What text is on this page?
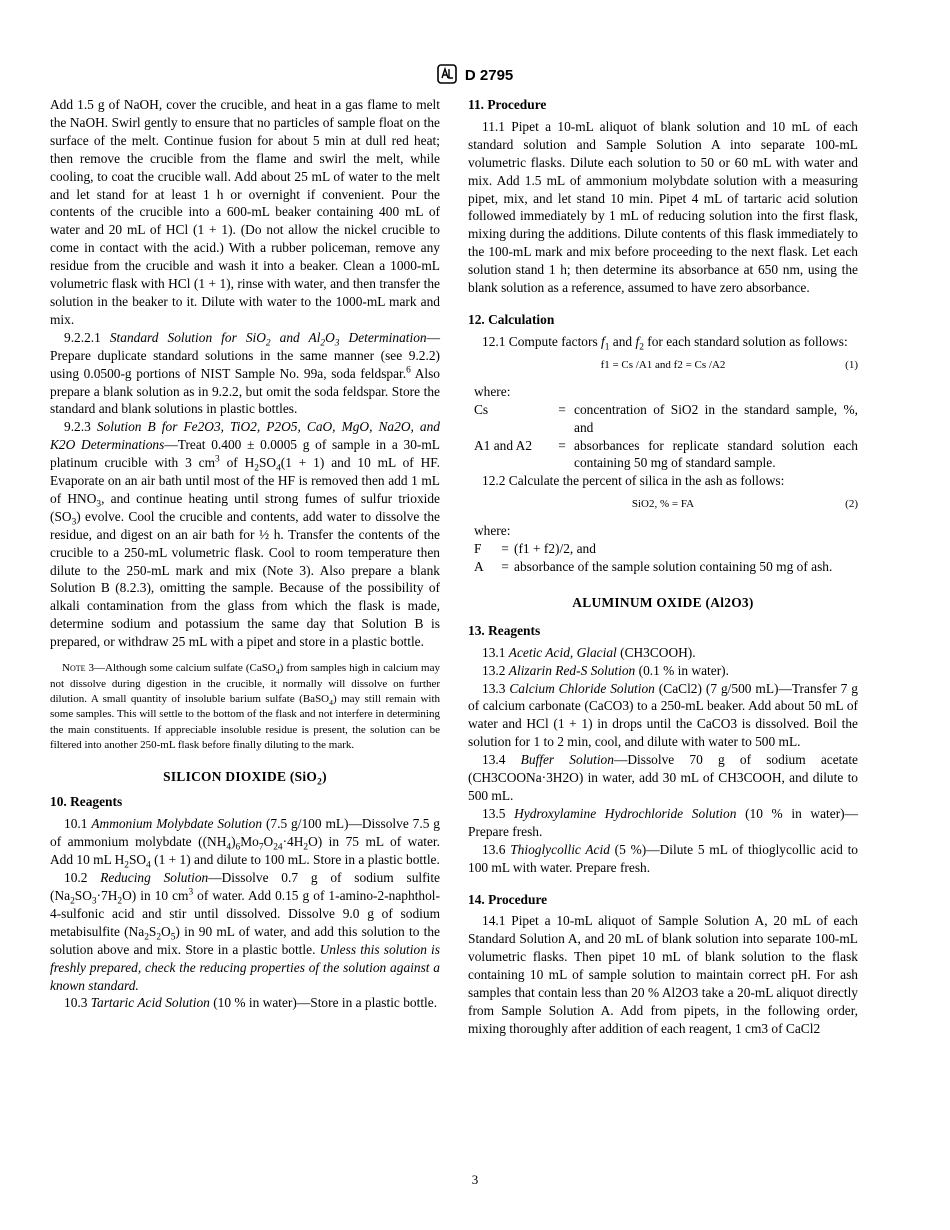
D 2795

Add 1.5 g of NaOH, cover the crucible, and heat in a gas flame to melt the NaOH. Swirl gently to ensure that no particles of sample float on the surface of the melt. Continue fusion for about 5 min at dull red heat; then remove the crucible from the flame and swirl the melt, while cooling, to coat the crucible wall. Add about 25 mL of water to the melt and let stand for at least 1 h or overnight if convenient. Pour the contents of the crucible into a 600-mL beaker containing 400 mL of water and 20 mL of HCl (1 + 1). (Do not allow the nickel crucible to come in contact with the acid.) With a rubber policeman, remove any residue from the crucible and wash it into a beaker. Clean a 1000-mL volumetric flask with HCl (1 + 1), rinse with water, and then transfer the solution in the beaker to it. Dilute with water to the 1000-mL mark and mix.

9.2.2.1 Standard Solution for SiO$_2$ and $Al_2O_3$ Determination—Prepare duplicate standard solutions in the same manner (see 9.2.2) using 0.0500-g portions of NIST Sample No. 99a, soda feldspar.$^6$ Also prepare a blank solution as in 9.2.2, but omit the soda feldspar. Store the standard and blank solutions in plastic bottles.

9.2.3 Solution B for Fe2O3, TiO2, P2O5, CaO, MgO, Na2O, and K2O Determinations—Treat 0.400 ± 0.0005 g of sample in a 30-mL platinum crucible with 3 $cm^3$ of $H_2SO_4(1 + 1)$ and 10 mL of HF. Evaporate on an air bath until most of the HF is removed then add 1 mL of $HNO_3$, and continue heating until strong fumes of sulfur trioxide $(SO_3)$ evolve. Cool the crucible and contents, add water to dissolve the residue, and digest on an air bath for ½ h. Transfer the contents of the crucible to a 250-mL volumetric flask. Cool to room temperature then dilute to the 250-mL mark and mix (Note 3). Also prepare a blank Solution B (8.2.3), omitting the sample. Because of the possibility of alkali contamination from the glass from which the flask is made, determine sodium and potassium the same day that Solution B is prepared, or withdraw 25 mL with a pipet and store in a plastic bottle.

Note 3—Although some calcium sulfate (CaSO$_4$) from samples high in calcium may not dissolve during digestion in the crucible, it normally will dissolve on further dilution. A small quantity of insoluble barium sulfate (BaSO$_4$) may still remain with some samples. This will settle to the bottom of the flask and not interfere in determining the main constituents. If appreciable insoluble residue is present, the solution can be filtered into another 250-mL flask before finally diluting to the mark.

SILICON DIOXIDE (SiO$_2$)
10. Reagents

10.1 Ammonium Molybdate Solution (7.5 g/100 mL)—Dissolve 7.5 g of ammonium molybdate $((NH_4)_6Mo_7O_{24}\cdot 4H_2O)$ in 75 mL of water. Add 10 mL $H_2SO_4$ (1 + 1) and dilute to 100 mL. Store in a plastic bottle.

10.2 Reducing Solution—Dissolve 0.7 g of sodium sulfite $(Na_2SO_3\cdot 7H_2O)$ in 10 $cm^3$ of water. Add 0.15 g of 1-amino-2-naphthol-4-sulfonic acid and stir until dissolved. Dissolve 9.0 g of sodium metabisulfite $(Na_2S_2O_5)$ in 90 mL of water, and add this solution to the solution above and mix. Store in a plastic bottle. Unless this solution is freshly prepared, check the reducing properties of the solution against a known standard.

10.3 Tartaric Acid Solution (10 % in water)—Store in a plastic bottle.

11. Procedure

11.1 Pipet a 10-mL aliquot of blank solution and 10 mL of each standard solution and Sample Solution A into separate 100-mL volumetric flasks. Dilute each solution to 50 or 60 mL with water and mix. Add 1.5 mL of ammonium molybdate solution with a measuring pipet, mix, and let stand 10 min. Pipet 4 mL of tartaric acid solution followed immediately by 1 mL of reducing solution into the first flask, mixing during the additions. Dilute contents of this flask immediately to the 100-mL mark and mix before proceeding to the next flask. Let each solution stand 1 h; then determine its absorbance at 650 nm, using the blank solution as a reference, assumed to have zero absorbance.

12. Calculation

12.1 Compute factors $f_1$ and $f_2$ for each standard solution as follows:

f1 = Cs /A1 and f2 = Cs /A2	(1)
where:
Cs	= concentration of SiO2 in the standard sample, %, and
A1 and A2	= absorbances for replicate standard solution each containing 50 mg of standard sample.

12.2 Calculate the percent of silica in the ash as follows:

SiO2, % = FA	(2)
where:
F	= (f1 + f2)/2, and
A	= absorbance of the sample solution containing 50 mg of ash.
ALUMINUM OXIDE (Al2O3)
13. Reagents

13.1 Acetic Acid, Glacial (CH3COOH).

13.2 Alizarin Red-S Solution (0.1 % in water).

13.3 Calcium Chloride Solution (CaCl2) (7 g/500 mL)—Transfer 7 g of calcium carbonate (CaCO3) to a 250-mL beaker. Add about 50 mL of water and HCl (1 + 1) in drops until the CaCO3 is dissolved. Boil the solution for 1 to 2 min, cool, and dilute with water to 500 mL.

13.4 Buffer Solution—Dissolve 70 g of sodium acetate (CH3COONa·3H2O) in water, add 30 mL of CH3COOH, and dilute to 500 mL.

13.5 Hydroxylamine Hydrochloride Solution (10 % in water)—Prepare fresh.

13.6 Thioglycollic Acid (5 %)—Dilute 5 mL of thioglycollic acid to 100 mL with water. Prepare fresh.

14. Procedure

14.1 Pipet a 10-mL aliquot of Sample Solution A, 20 mL of each Standard Solution A, and 20 mL of blank solution into separate 100-mL volumetric flasks. Then pipet 10 mL of blank solution to the flask containing 10 mL of sample solution to maintain correct pH. For ash samples that contain less than 20 % Al2O3 take a 20-mL aliquot directly from Sample Solution A. Add from pipets, in the following order, mixing thoroughly after addition of each reagent, 1 cm3 of CaCl2

3
